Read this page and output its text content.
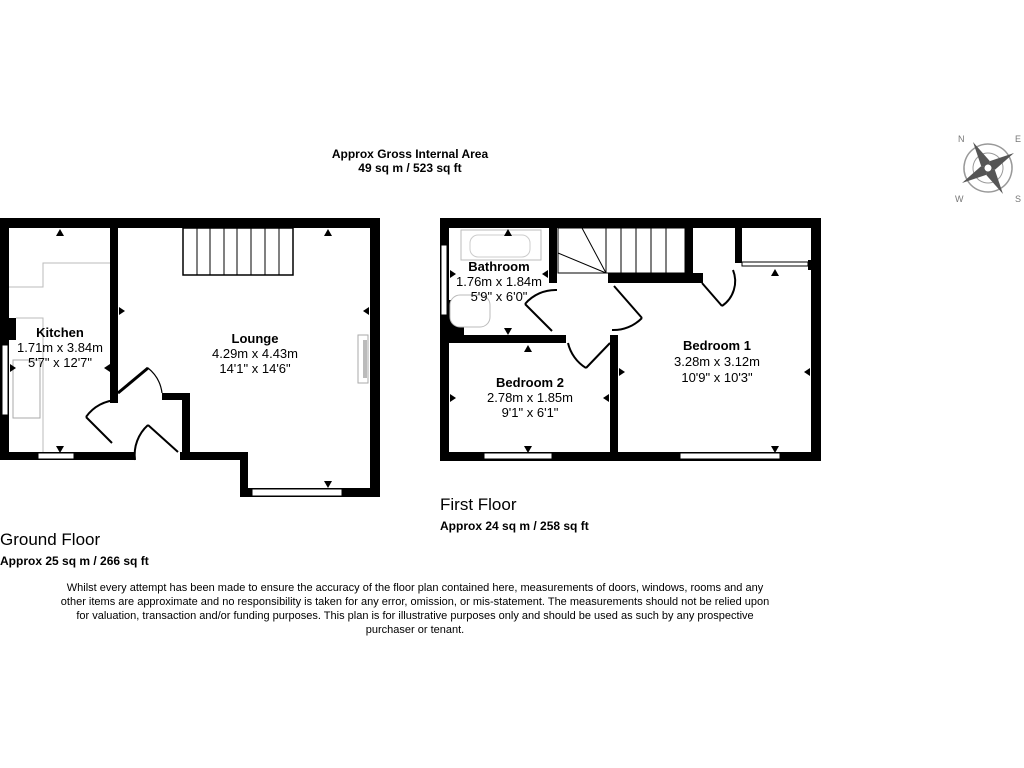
Approx Gross Internal Area
49 sq m / 523 sq ft
N	E
S
W
Kitchen
1.71m x 3.84m
5'7" x 12'7"
Lounge
4.29m x 4.43m
14'1" x 14'6"
Bathroom
1.76m x 1.84m
5'9" x 6'0"
Bedroom 2
2.78m x 1.85m
9'1" x 6'1"
Bedroom 1
3.28m x 3.12m
10'9" x 10'3"
First Floor
Approx 24 sq m / 258 sq ft
Ground Floor
Approx 25 sq m / 266 sq ft
Whilst every attempt has been made to ensure the accuracy of the floor plan contained here, measurements of doors, windows, rooms and any other items are approximate and no responsibility is taken for any error, omission, or mis-statement. The measurements should not be relied upon for valuation, transaction and/or funding purposes. This plan is for illustrative purposes only and should be used as such by any prospective purchaser or tenant.
